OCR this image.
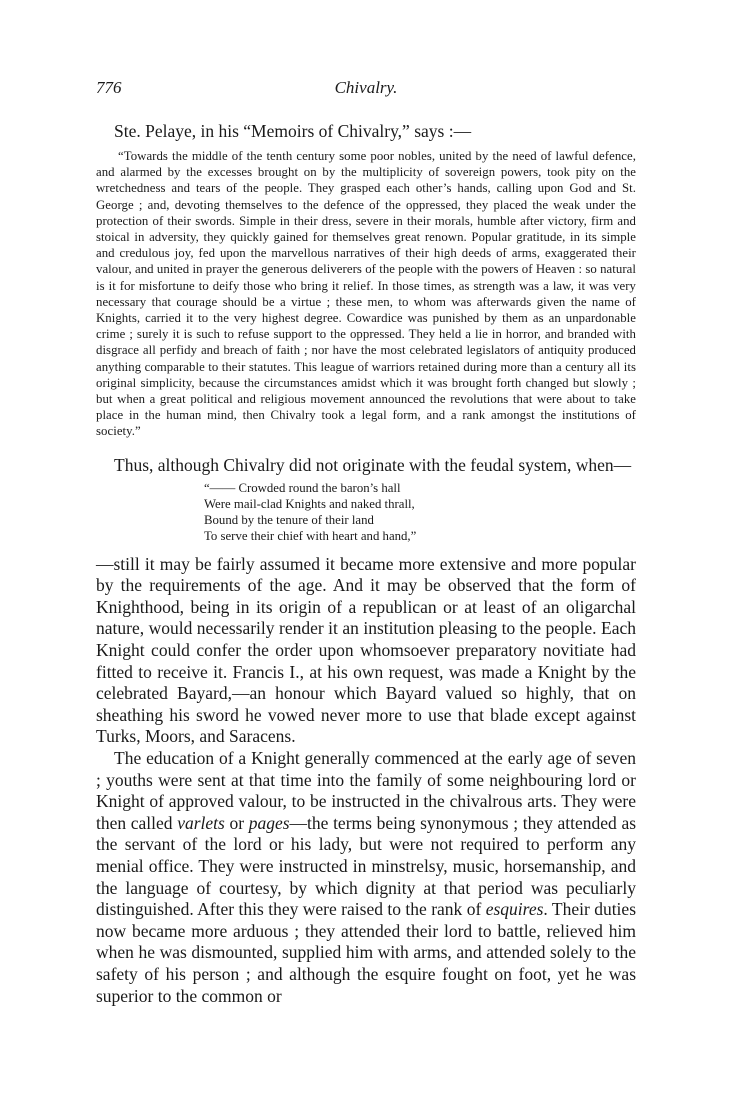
776	Chivalry.

Ste. Pelaye, in his “Memoirs of Chivalry,” says :—

“Towards the middle of the tenth century some poor nobles, united by the need of lawful defence, and alarmed by the excesses brought on by the multiplicity of sovereign powers, took pity on the wretchedness and tears of the people. They grasped each other’s hands, calling upon God and St. George ; and, devoting themselves to the defence of the oppressed, they placed the weak under the protection of their swords. Simple in their dress, severe in their morals, humble after victory, firm and stoical in adversity, they quickly gained for themselves great renown. Popular gratitude, in its simple and credulous joy, fed upon the marvellous narratives of their high deeds of arms, exaggerated their valour, and united in prayer the generous deliverers of the people with the powers of Heaven : so natural is it for misfortune to deify those who bring it relief. In those times, as strength was a law, it was very necessary that courage should be a virtue ; these men, to whom was afterwards given the name of Knights, carried it to the very highest degree. Cowardice was punished by them as an unpardonable crime ; surely it is such to refuse support to the oppressed. They held a lie in horror, and branded with disgrace all perfidy and breach of faith ; nor have the most celebrated legislators of antiquity produced anything comparable to their statutes. This league of warriors retained during more than a century all its original simplicity, because the circumstances amidst which it was brought forth changed but slowly ; but when a great political and religious movement announced the revolutions that were about to take place in the human mind, then Chivalry took a legal form, and a rank amongst the institutions of society.”

Thus, although Chivalry did not originate with the feudal system, when—

“—— Crowded round the baron’s hall
Were mail-clad Knights and naked thrall,
Bound by the tenure of their land
To serve their chief with heart and hand,”

—still it may be fairly assumed it became more extensive and more popular by the requirements of the age. And it may be observed that the form of Knighthood, being in its origin of a republican or at least of an oligarchal nature, would necessarily render it an institution pleasing to the people. Each Knight could confer the order upon whomsoever preparatory novitiate had fitted to receive it. Francis I., at his own request, was made a Knight by the celebrated Bayard,—an honour which Bayard valued so highly, that on sheathing his sword he vowed never more to use that blade except against Turks, Moors, and Saracens.

The education of a Knight generally commenced at the early age of seven ; youths were sent at that time into the family of some neighbouring lord or Knight of approved valour, to be instructed in the chivalrous arts. They were then called varlets or pages—the terms being synonymous ; they attended as the servant of the lord or his lady, but were not required to perform any menial office. They were instructed in minstrelsy, music, horsemanship, and the language of courtesy, by which dignity at that period was peculiarly distinguished. After this they were raised to the rank of esquires. Their duties now became more arduous ; they attended their lord to battle, relieved him when he was dismounted, supplied him with arms, and attended solely to the safety of his person ; and although the esquire fought on foot, yet he was superior to the common or
